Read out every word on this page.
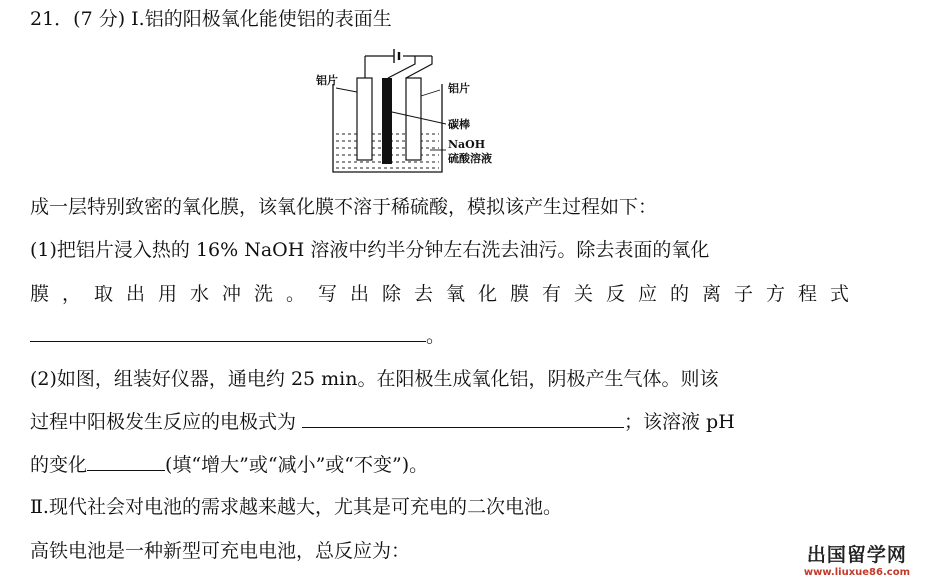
21．(7 分) Ⅰ.铝的阳极氧化能使铝的表面生
铝片
铝片
碳棒
NaOH
硫酸溶液
成一层特别致密的氧化膜，该氧化膜不溶于稀硫酸，模拟该产生过程如下：
(1)把铝片浸入热的 16% NaOH 溶液中约半分钟左右洗去油污。除去表面的氧化
膜，取出用水冲洗。写出除去氧化膜有关反应的离子方程式
。
(2)如图，组装好仪器，通电约 25 min。在阳极生成氧化铝，阴极产生气体。则该
过程中阳极发生反应的电极式为	；该溶液 pH
的变化	(填“增大”或“减小”或“不变”)。
Ⅱ.现代社会对电池的需求越来越大，尤其是可充电的二次电池。
高铁电池是一种新型可充电电池，总反应为：	出国留学网
www.liuxue86.com
